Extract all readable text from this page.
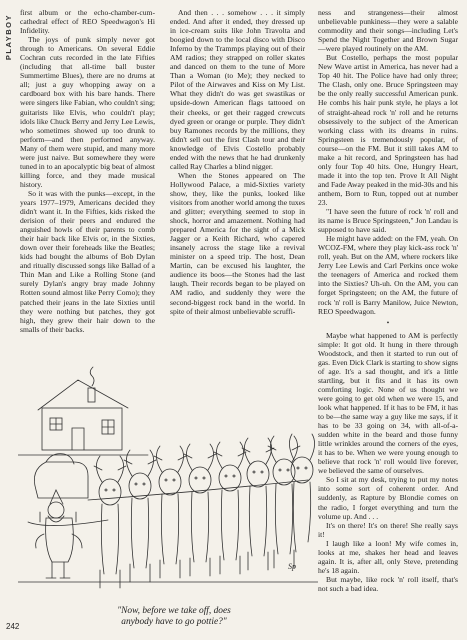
PLAYBOY

first album or the echo-chamber-cum-cathedral effect of REO Speedwagon's Hi Infidelity.

The joys of punk simply never got through to Americans. On several Eddie Cochran cuts recorded in the late Fifties (including that all-time ball buster Summertime Blues), there are no drums at all; just a guy whopping away on a cardboard box with his bare hands. There were singers like Fabian, who couldn't sing; guitarists like Elvis, who couldn't play; idols like Chuck Berry and Jerry Lee Lewis, who sometimes showed up too drunk to perform—and then performed anyway. Many of them were stupid, and many more were just naive. But somewhere they were tuned in to an apocalyptic big beat of almost killing force, and they made musical history.

So it was with the punks—except, in the years 1977–1979, Americans decided they didn't want it. In the Fifties, kids risked the derision of their peers and endured the anguished howls of their parents to comb their hair back like Elvis or, in the Sixties, down over their foreheads like the Beatles; kids had bought the albums of Bob Dylan and ritually discussed songs like Ballad of a Thin Man and Like a Rolling Stone (and surely Dylan's angry bray made Johnny Rotten sound almost like Perry Como); they patched their jeans in the late Sixties until they were nothing but patches, they got high, they grew their hair down to the smalls of their backs.

And then . . . somehow . . . it simply ended. And after it ended, they dressed up in ice-cream suits like John Travolta and boogied down to the local disco with Disco Inferno by the Trammps playing out of their AM radios; they strapped on roller skates and danced on them to the tune of More Than a Woman (to Me); they necked to Pilot of the Airwaves and Kiss on My List. What they didn't do was get swastikas or upside-down American flags tattooed on their cheeks, or get their ragged crewcuts dyed green or orange or purple. They didn't buy Ramones records by the millions, they didn't sell out the first Clash tour and their knowledge of Elvis Costello probably ended with the news that he had drunkenly called Ray Charles a blind nigger.

When the Stones appeared on The Hollywood Palace, a mid-Sixties variety show, they, like the punks, looked like visitors from another world among the tuxes and glitter; everything seemed to stop in shock, horror and amazement. Nothing had prepared America for the sight of a Mick Jagger or a Keith Richard, who capered insanely across the stage like a revival minister on a speed trip. The host, Dean Martin, can be excused his laughter, the audience its boos—the Stones had the last laugh. Their records began to be played on AM radio, and suddenly they were the second-biggest rock band in the world. In spite of their almost unbelievable scruffi-

ness and strangeness—their almost unbelievable punkiness—they were a salable commodity and their songs—including Let's Spend the Night Together and Brown Sugar—were played routinely on the AM.

But Costello, perhaps the most popular New Wave artist in America, has never had a Top 40 hit. The Police have had only three; The Clash, only one. Bruce Springsteen may be the only really successful American punk. He combs his hair punk style, he plays a lot of straight-ahead rock 'n' roll and he returns obsessively to the subject of the American working class with its dreams in ruins. Springsteen is tremendously popular, of course—on the FM. But it still takes AM to make a hit record, and Springsteen has had only four Top 40 hits. One, Hungry Heart, made it into the top ten. Prove It All Night and Fade Away peaked in the mid-30s and his anthem, Born to Run, topped out at number 23.

"I have seen the future of rock 'n' roll and its name is Bruce Springsteen," Jon Landau is supposed to have said.

He might have added: on the FM, yeah. On WCOZ-FM, where they play kick-ass rock 'n' roll, yeah. But on the AM, where rockers like Jerry Lee Lewis and Carl Perkins once woke the teenagers of America and rocked them into the Sixties? Uh-uh. On the AM, you can forget Springsteen; on the AM, the future of rock 'n' roll is Barry Manilow, Juice Newton, REO Speedwagon.

•

Maybe what happened to AM is perfectly simple: It got old. It hung in there through Woodstock, and then it started to run out of gas. Even Dick Clark is starting to show signs of age. It's a sad thought, and it's a little startling, but it fits and it has its own comforting logic. None of us thought we were going to get old when we were 15, and look what happened. If it has to be FM, it has to be—the same way a guy like me says, if it has to be 33 going on 34, with all-of-a-sudden white in the beard and those funny little wrinkles around the corners of the eyes, it has to be. When we were young enough to believe that rock 'n' roll would live forever, we believed the same of ourselves.

So I sit at my desk, trying to put my notes into some sort of coherent order. And suddenly, as Rapture by Blondie comes on the radio, I forget everything and turn the volume up. And . . .

It's on there! It's on there! She really says it!

I laugh like a loon! My wife comes in, looks at me, shakes her head and leaves again. It is, after all, only Steve, pretending he's 18 again.

But maybe, like rock 'n' roll itself, that's not such a bad idea.

Sp
"Now, before we take off, does
anybody have to go pottie?"
242
